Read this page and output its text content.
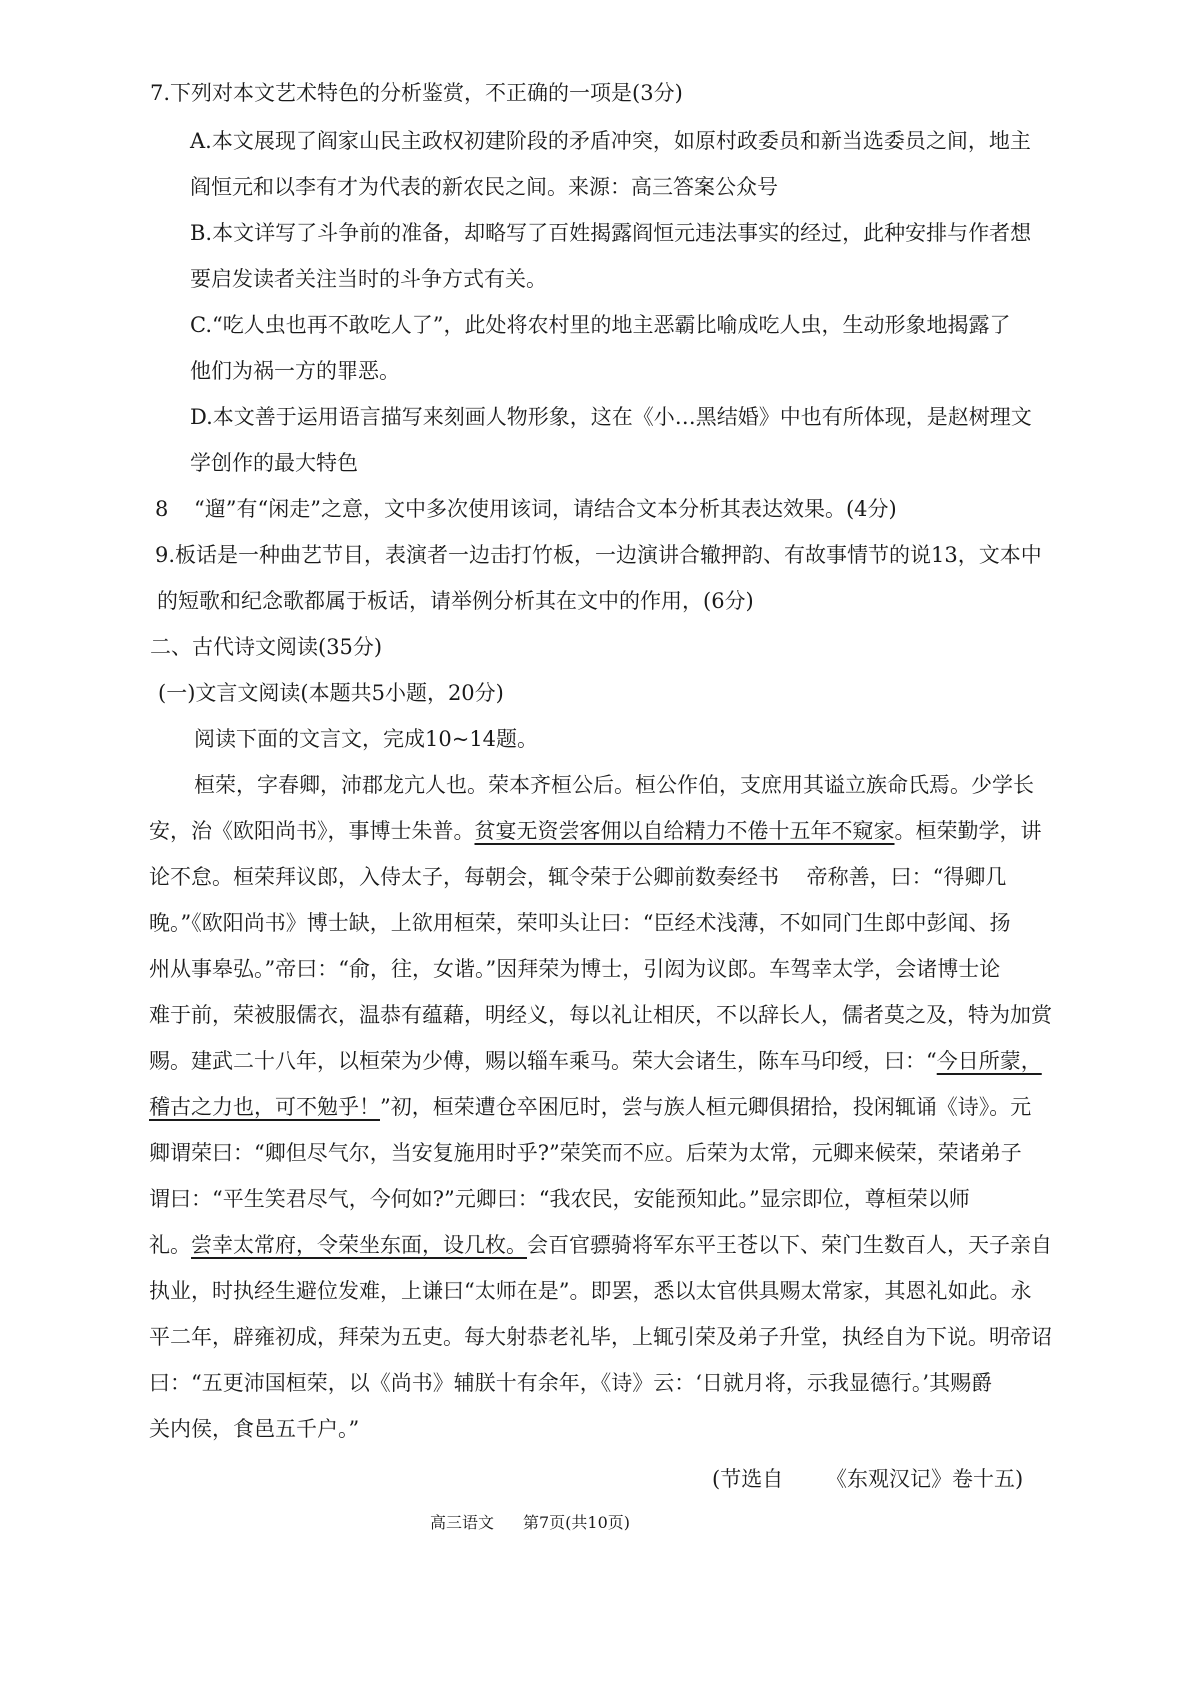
7.下列对本文艺术特色的分析鉴赏，不正确的一项是(3分)
A.本文展现了阎家山民主政权初建阶段的矛盾冲突，如原村政委员和新当选委员之间，地主
阎恒元和以李有才为代表的新农民之间。来源：高三答案公众号
B.本文详写了斗争前的准备，却略写了百姓揭露阎恒元违法事实的经过，此种安排与作者想
要启发读者关注当时的斗争方式有关。
C.“吃人虫也再不敢吃人了”，此处将农村里的地主恶霸比喻成吃人虫，生动形象地揭露了
他们为祸一方的罪恶。
D.本文善于运用语言描写来刻画人物形象，这在《小…黑结婚》中也有所体现，是赵树理文
学创作的最大特色
8 “遛”有“闲走”之意，文中多次使用该词，请结合文本分析其表达效果。(4分)
9.板话是一种曲艺节目，表演者一边击打竹板，一边演讲合辙押韵、有故事情节的说13，文本中
的短歌和纪念歌都属于板话，请举例分析其在文中的作用，(6分)
二、古代诗文阅读(35分)
(一)文言文阅读(本题共5小题，20分)
阅读下面的文言文，完成10~14题。
桓荣，字春卿，沛郡龙亢人也。荣本齐桓公后。桓公作伯，支庶用其谥立族命氏焉。少学长
安，治《欧阳尚书》，事博士朱普。贫宴无资尝客佣以自给精力不倦十五年不窥家。桓荣勤学，讲
论不怠。桓荣拜议郎，入侍太子，每朝会，辄令荣于公卿前数奏经书　 帝称善，曰：“得卿几
晚。”《欧阳尚书》博士缺，上欲用桓荣，荣叩头让曰：“臣经术浅薄，不如同门生郎中彭闻、扬
州从事皋弘。”帝曰：“俞，往，女谐。”因拜荣为博士，引闳为议郎。车驾幸太学，会诸博士论
难于前，荣被服儒衣，温恭有蕴藉，明经义，每以礼让相厌，不以辞长人，儒者莫之及，特为加赏
赐。建武二十八年，以桓荣为少傅，赐以辎车乘马。荣大会诸生，陈车马印绶，曰：“今日所蒙，
稽古之力也，可不勉乎！”初，桓荣遭仓卒困厄时，尝与族人桓元卿俱捃拾，投闲辄诵《诗》。元
卿谓荣曰：“卿但尽气尔，当安复施用时乎?”荣笑而不应。后荣为太常，元卿来候荣，荣诸弟子
谓曰：“平生笑君尽气，今何如?”元卿曰：“我农民，安能预知此。”显宗即位，尊桓荣以师
礼。尝幸太常府，令荣坐东面，设几枚。会百官骠骑将军东平王苍以下、荣门生数百人，天子亲自
执业，时执经生避位发难，上谦曰“太师在是”。即罢，悉以太官供具赐太常家，其恩礼如此。永
平二年，辟雍初成，拜荣为五吏。每大射恭老礼毕，上辄引荣及弟子升堂，执经自为下说。明帝诏
曰：“五更沛国桓荣，以《尚书》辅朕十有余年，《诗》云：‘日就月将，示我显德行。’其赐爵
关内侯，食邑五千户。”
(节选自 《东观汉记》卷十五)
高三语文 第7页(共10页)
